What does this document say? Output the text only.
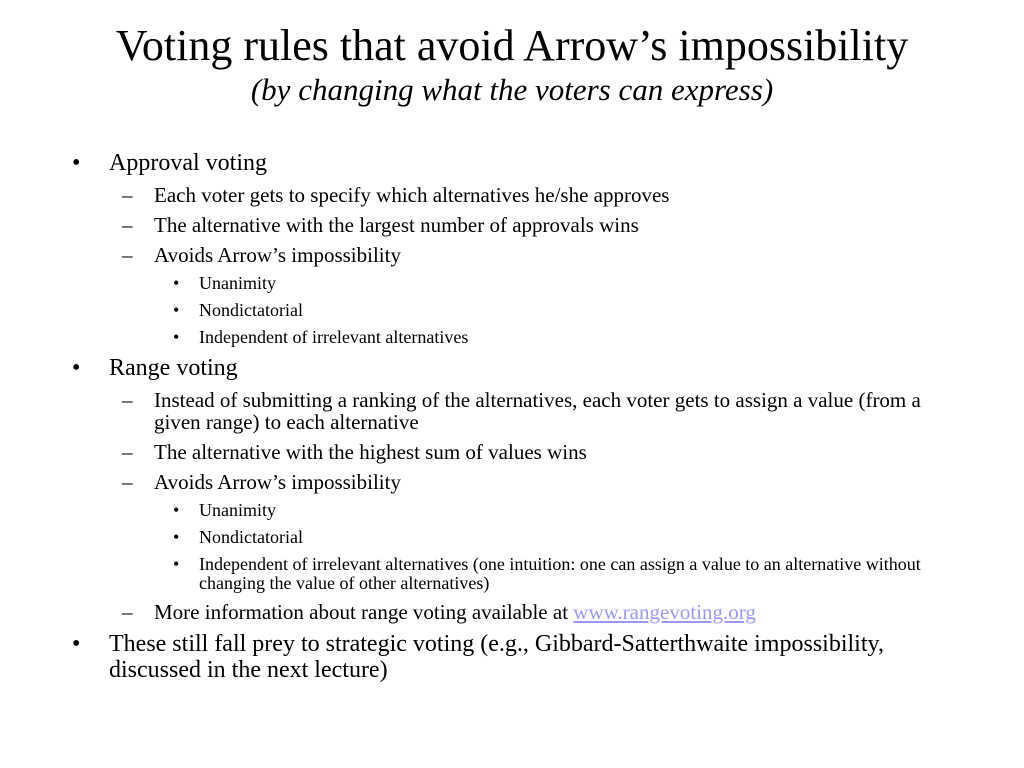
Voting rules that avoid Arrow’s impossibility
(by changing what the voters can express)
• Approval voting
– Each voter gets to specify which alternatives he/she approves
– The alternative with the largest number of approvals wins
– Avoids Arrow’s impossibility
• Unanimity
• Nondictatorial
• Independent of irrelevant alternatives
• Range voting
– Instead of submitting a ranking of the alternatives, each voter gets to assign a value (from a given range) to each alternative
– The alternative with the highest sum of values wins
– Avoids Arrow’s impossibility
• Unanimity
• Nondictatorial
• Independent of irrelevant alternatives (one intuition: one can assign a value to an alternative without changing the value of other alternatives)
– More information about range voting available at www.rangevoting.org
• These still fall prey to strategic voting (e.g., Gibbard-Satterthwaite impossibility, discussed in the next lecture)
